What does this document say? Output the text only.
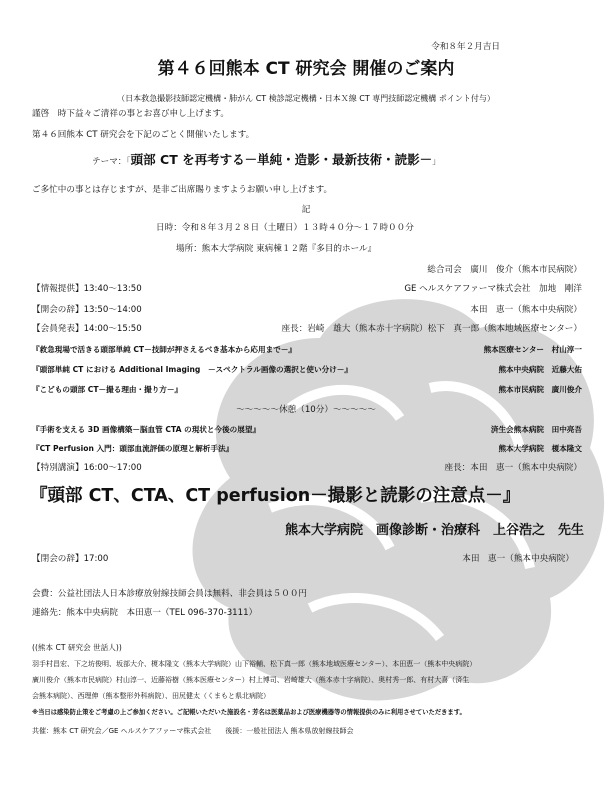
令和８年２月吉日
第４６回熊本 CT 研究会 開催のご案内
（日本救急撮影技師認定機構・肺がん CT 検診認定機構・日本Ｘ線 CT 専門技師認定機構 ポイント付与）
謹啓　時下益々ご清祥の事とお喜び申し上げます。
第４６回熊本 CT 研究会を下記のごとく開催いたします。
テーマ：「頭部 CT を再考する－単純・造影・最新技術・読影－」
ご多忙中の事とは存じますが、是非ご出席賜りますようお願い申し上げます。
記
日時：令和８年３月２８日（土曜日）１３時４０分～１７時００分
場所：熊本大学病院 東病棟１２階『多目的ホール』
総合司会　廣川　俊介（熊本市民病院）
【情報提供】13:40～13:50	GE ヘルスケアファーマ株式会社　加地　剛洋
【開会の辞】13:50～14:00	本田　恵一（熊本中央病院）
【会員発表】14:00～15:50	座長：岩崎　雄大（熊本赤十字病院）松下　真一郎（熊本地域医療センター）
『救急現場で活きる頭部単純 CT－技師が押さえるべき基本から応用まで－』	熊本医療センター　村山淳一
『頭部単純 CT における Additional Imaging　－スペクトラル画像の選択と使い分け－』	熊本中央病院　近藤大佑
『こどもの頭部 CT－撮る理由・撮り方－』	熊本市民病院　廣川俊介
～～～～～休憩（10分）～～～～～
『手術を支える 3D 画像構築－脳血管 CTA の現状と今後の展望』	済生会熊本病院　田中亮吾
『CT Perfusion 入門：頭部血流評価の原理と解析手法』	熊本大学病院　榎本隆文
【特別講演】16:00～17:00	座長：本田　恵一（熊本中央病院）
『頭部 CT、CTA、CT perfusion－撮影と読影の注意点－』
熊本大学病院　画像診断・治療科　上谷浩之　先生
【閉会の辞】17:00	本田　恵一（熊本中央病院）
会費：公益社団法人日本診療放射線技師会員は無料、非会員は５００円
連絡先：熊本中央病院　本田恵一（TEL 096-370-3111）
((熊本 CT 研究会 世話人))
羽手村昌宏、下之坊俊明、坂部大介、榎本隆文（熊本大学病院）山下裕輔、松下真一郎（熊本地域医療センター）、本田恵一（熊本中央病院）
廣川俊介（熊本市民病院）村山淳一、近藤裕樹（熊本医療センター）村上博司、岩崎雄大（熊本赤十字病院）、奥村秀一郎、有村大喜（済生
会熊本病院）、西理伸（熊本整形外科病院）、田尻健太（くまもと県北病院）
※当日は感染防止策をご考慮の上ご参加ください。ご記帳いただいた施設名・芳名は医薬品および医療機器等の情報提供のみに利用させていただきます。
共催：熊本 CT 研究会／GE ヘルスケアファーマ株式会社　　後援：一般社団法人 熊本県放射線技師会
